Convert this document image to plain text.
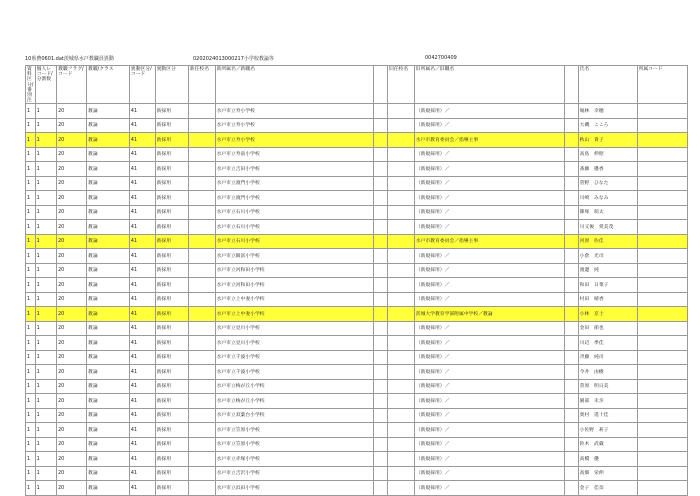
10県費0601.dat茨城県水戸教職員異動	0202024013000217小学校教論等	0042700409
資料区分/番別注	個人レコード/分割数	教職フラグ/コード	教職/クラス	異動区分/コード	異動区分	新任校名	新所属名／新職名		旧任校名	旧所属名／旧職名		氏名	所属コード
1	1	20	教論	41	新採用		水戸市立寿小学校			（新規採用）／		堀林　幸穂	
1	1	20	教論	41	新採用		水戸市立寿小学校			（新規採用）／		大磯　こころ	
1	1	20	教論	41	新採用		水戸市立寿小学校			水戸市教育委員会／指導主事		秋山　貴子	
1	1	20	教論	41	新採用		水戸市立寿南小学校			（新規採用）／		高島　伸昭	
1	1	20	教論	41	新採用		水戸市立吉田小学校			（新規採用）／		斎藤　優香	
1	1	20	教論	41	新採用		水戸市立渡門小学校			（新規採用）／		菅野　ひなた	
1	1	20	教論	41	新採用		水戸市立渡門小学校			（新規採用）／		川崎　みなみ	
1	1	20	教論	41	新採用		水戸市立石川小学校			（新規採用）／		篠塚　萌太	
1	1	20	教論	41	新採用		水戸市立石川小学校			（新規採用）／		川又俊　愛美茂	
1	1	20	教論	41	新採用		水戸市立石川小学校			水戸市教育委員会／指導主事		河原　佐佳	
1	1	20	教論	41	新採用		水戸市立飯富小学校			（新規採用）／		小倉　光司	
1	1	20	教論	41	新採用		水戸市立河和田小学校			（新規採用）／		渡邊　純	
1	1	20	教論	41	新採用		水戸市立河和田小学校			（新規採用）／		和田　日菜子	
1	1	20	教論	41	新採用		水戸市立上中妻小学校			（新規採用）／		村田　晴香	
1	1	20	教論	41	新採用		水戸市立上中妻小学校			茨城大学教育学部附属中学校／教論		小林　京士	
1	1	20	教論	41	新採用		水戸市立見川小学校			（新規採用）／		金田　節也	
1	1	20	教論	41	新採用		水戸市立見川小学校			（新規採用）／		川辺　季佳	
1	1	20	教論	41	新採用		水戸市立千波小学校			（新規採用）／		斉藤　純司	
1	1	20	教論	41	新採用		水戸市立千波小学校			（新規採用）／		今井　由樹	
1	1	20	教論	41	新採用		水戸市立梅が丘小学校			（新規採用）／		菅原　明日美	
1	1	20	教論	41	新採用		水戸市立梅が丘小学校			（新規採用）／		園部　未歩	
1	1	20	教論	41	新採用		水戸市立双葉台小学校			（新規採用）／		奥村　遥十佳	
1	1	20	教論	41	新採用		水戸市立笠原小学校			（新規採用）／		小佐野　莉子	
1	1	20	教論	41	新採用		水戸市立笠原小学校			（新規採用）／		鈴木　武蔵	
1	1	20	教論	41	新採用		水戸市立赤塚小学校			（新規採用）／		高橋　優	
1	1	20	教論	41	新採用		水戸市立吉沢小学校			（新規採用）／		高畑　栄伸	
1	1	20	教論	41	新採用		水戸市立浜田小学校			（新規採用）／		金子　佳奈	
